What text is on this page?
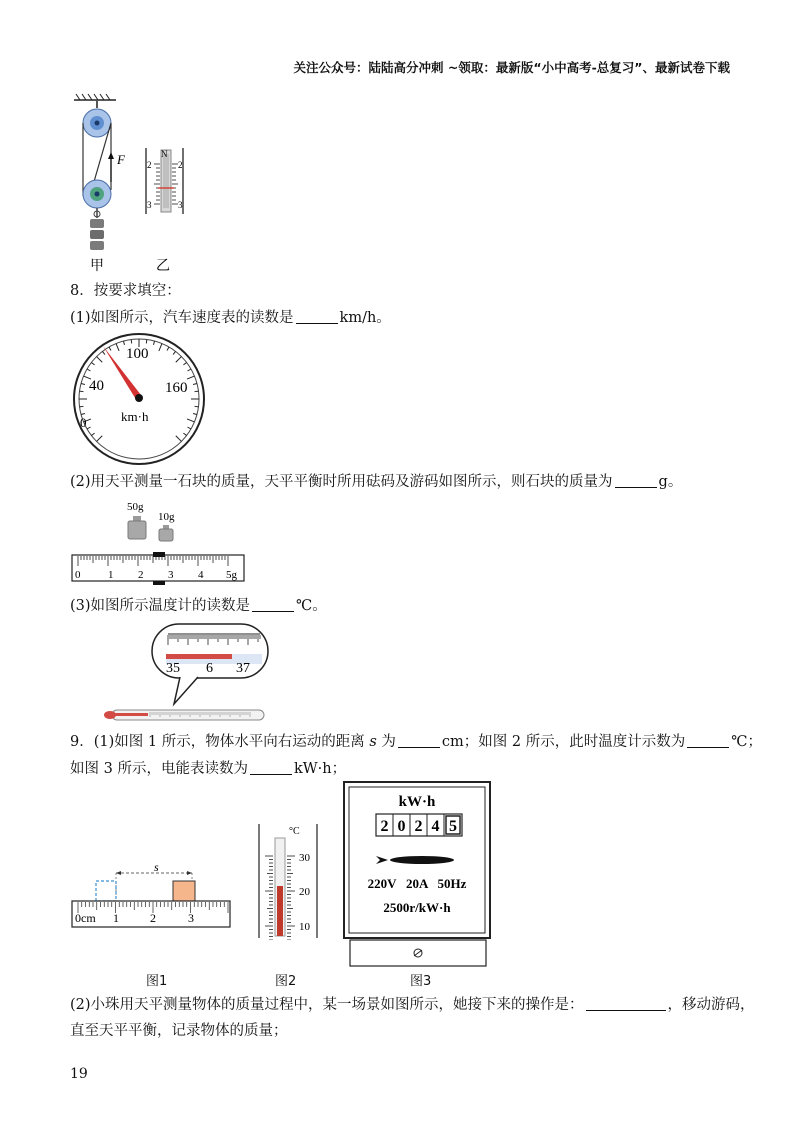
关注公众号：陆陆高分冲刺 ~领取：最新版“小中高考-总复习”、最新试卷下载
F	N
2	2
3	3
甲	乙
8．按要求填空：
(1)如图所示，汽车速度表的读数是	km/h。
0
40
100
160
km·h
(2)用天平测量一石块的质量，天平平衡时所用砝码及游码如图所示，则石块的质量为	g。
50g
10g
0	1 2 3 4 5g
(3)如图所示温度计的读数是	℃。
35 6 37
9．(1)如图 1 所示，物体水平向右运动的距离 s 为	cm；如图 2 所示，此时温度计示数为	℃；
如图 3 所示，电能表读数为	kW·h；
s
0cm 1	2	3
图1
°C
30
20
10
图2
kW·h
2 0 2 4 5
220V   20A   50Hz
2500r/kW·h
图3
(2)小珠用天平测量物体的质量过程中，某一场景如图所示，她接下来的操作是：	，移动游码，
直至天平平衡，记录物体的质量；
19
